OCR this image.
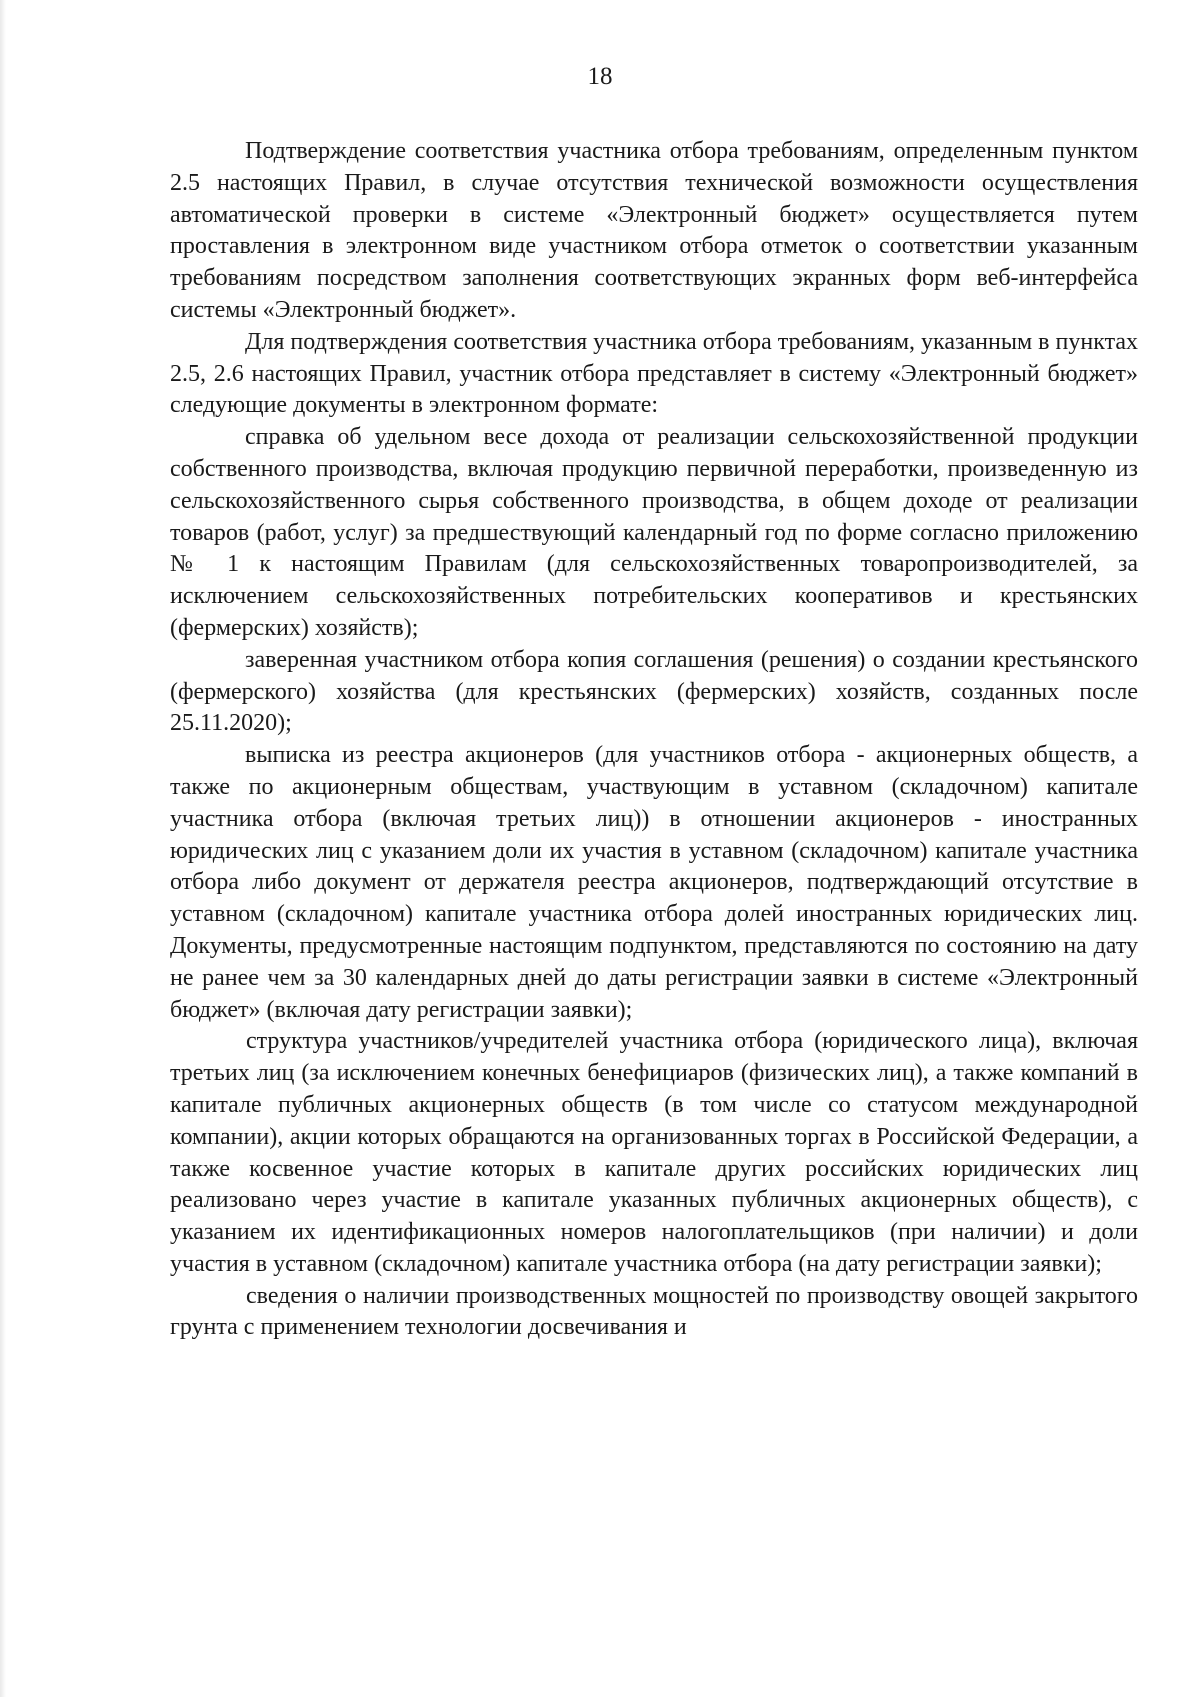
18

Подтверждение соответствия участника отбора требованиям, определенным пунктом 2.5 настоящих Правил, в случае отсутствия технической возможности осуществления автоматической проверки в системе «Электронный бюджет» осуществляется путем проставления в электронном виде участником отбора отметок о соответствии указанным требованиям посредством заполнения соответствующих экранных форм веб-интерфейса системы «Электронный бюджет».

Для подтверждения соответствия участника отбора требованиям, указанным в пунктах 2.5, 2.6 настоящих Правил, участник отбора представляет в систему «Электронный бюджет» следующие документы в электронном формате:

справка об удельном весе дохода от реализации сельскохозяйственной продукции собственного производства, включая продукцию первичной переработки, произведенную из сельскохозяйственного сырья собственного производства, в общем доходе от реализации товаров (работ, услуг) за предшествующий календарный год по форме согласно приложению № 1 к настоящим Правилам (для сельскохозяйственных товаропроизводителей, за исключением сельскохозяйственных потребительских кооперативов и крестьянских (фермерских) хозяйств);

заверенная участником отбора копия соглашения (решения) о создании крестьянского (фермерского) хозяйства (для крестьянских (фермерских) хозяйств, созданных после 25.11.2020);

выписка из реестра акционеров (для участников отбора - акционерных обществ, а также по акционерным обществам, участвующим в уставном (складочном) капитале участника отбора (включая третьих лиц)) в отношении акционеров - иностранных юридических лиц с указанием доли их участия в уставном (складочном) капитале участника отбора либо документ от держателя реестра акционеров, подтверждающий отсутствие в уставном (складочном) капитале участника отбора долей иностранных юридических лиц. Документы, предусмотренные настоящим подпунктом, представляются по состоянию на дату не ранее чем за 30 календарных дней до даты регистрации заявки в системе «Электронный бюджет» (включая дату регистрации заявки);

структура участников/учредителей участника отбора (юридического лица), включая третьих лиц (за исключением конечных бенефициаров (физических лиц), а также компаний в капитале публичных акционерных обществ (в том числе со статусом международной компании), акции которых обращаются на организованных торгах в Российской Федерации, а также косвенное участие которых в капитале других российских юридических лиц реализовано через участие в капитале указанных публичных акционерных обществ), с указанием их идентификационных номеров налогоплательщиков (при наличии) и доли участия в уставном (складочном) капитале участника отбора (на дату регистрации заявки);

сведения о наличии производственных мощностей по производству овощей закрытого грунта с применением технологии досвечивания и
